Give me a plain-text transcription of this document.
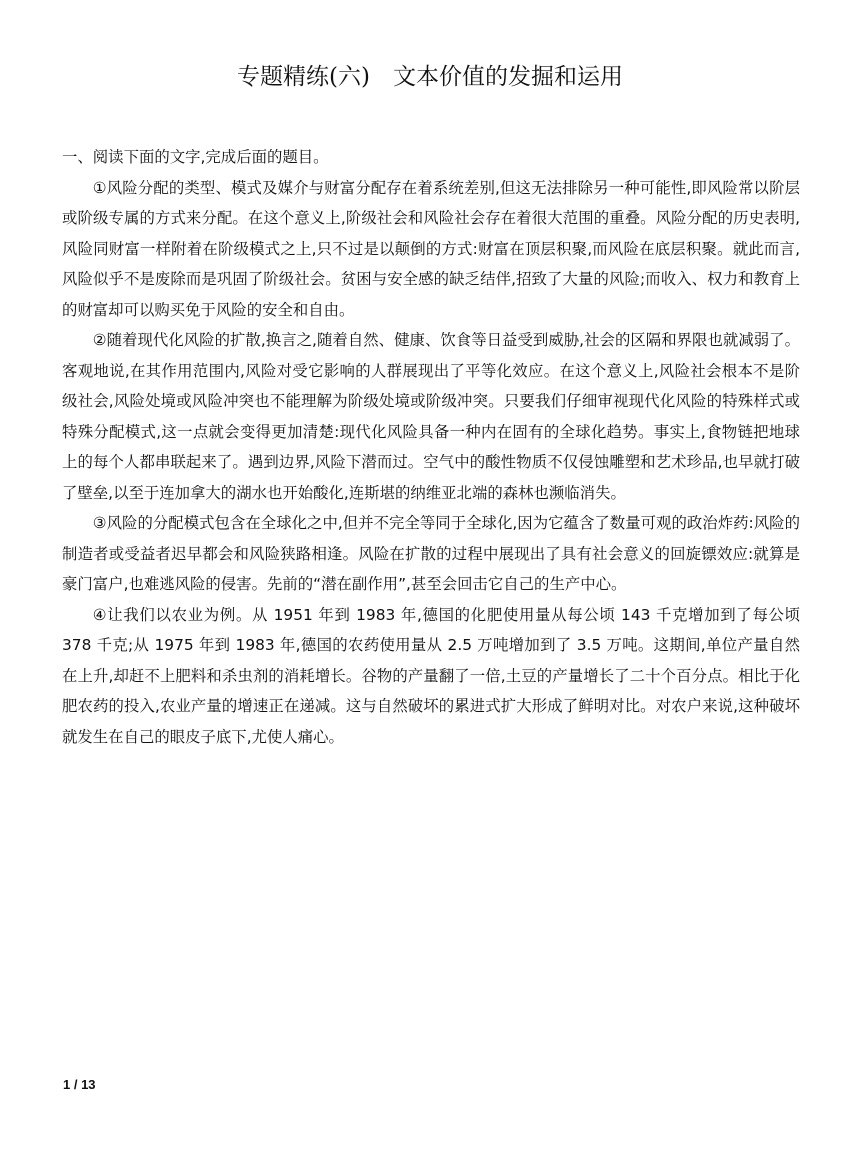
专题精练(六)　文本价值的发掘和运用

一、阅读下面的文字,完成后面的题目。

①风险分配的类型、模式及媒介与财富分配存在着系统差别,但这无法排除另一种可能性,即风险常以阶层或阶级专属的方式来分配。在这个意义上,阶级社会和风险社会存在着很大范围的重叠。风险分配的历史表明,风险同财富一样附着在阶级模式之上,只不过是以颠倒的方式:财富在顶层积聚,而风险在底层积聚。就此而言,风险似乎不是废除而是巩固了阶级社会。贫困与安全感的缺乏结伴,招致了大量的风险;而收入、权力和教育上的财富却可以购买免于风险的安全和自由。

②随着现代化风险的扩散,换言之,随着自然、健康、饮食等日益受到威胁,社会的区隔和界限也就减弱了。客观地说,在其作用范围内,风险对受它影响的人群展现出了平等化效应。在这个意义上,风险社会根本不是阶级社会,风险处境或风险冲突也不能理解为阶级处境或阶级冲突。只要我们仔细审视现代化风险的特殊样式或特殊分配模式,这一点就会变得更加清楚:现代化风险具备一种内在固有的全球化趋势。事实上,食物链把地球上的每个人都串联起来了。遇到边界,风险下潜而过。空气中的酸性物质不仅侵蚀雕塑和艺术珍品,也早就打破了壁垒,以至于连加拿大的湖水也开始酸化,连斯堪的纳维亚北端的森林也濒临消失。

③风险的分配模式包含在全球化之中,但并不完全等同于全球化,因为它蕴含了数量可观的政治炸药:风险的制造者或受益者迟早都会和风险狭路相逢。风险在扩散的过程中展现出了具有社会意义的回旋镖效应:就算是豪门富户,也难逃风险的侵害。先前的“潜在副作用”,甚至会回击它自己的生产中心。

④让我们以农业为例。从 1951 年到 1983 年,德国的化肥使用量从每公顷 143 千克增加到了每公顷 378 千克;从 1975 年到 1983 年,德国的农药使用量从 2.5 万吨增加到了 3.5 万吨。这期间,单位产量自然在上升,却赶不上肥料和杀虫剂的消耗增长。谷物的产量翻了一倍,土豆的产量增长了二十个百分点。相比于化肥农药的投入,农业产量的增速正在递减。这与自然破坏的累进式扩大形成了鲜明对比。对农户来说,这种破坏就发生在自己的眼皮子底下,尤使人痛心。

1 / 13
